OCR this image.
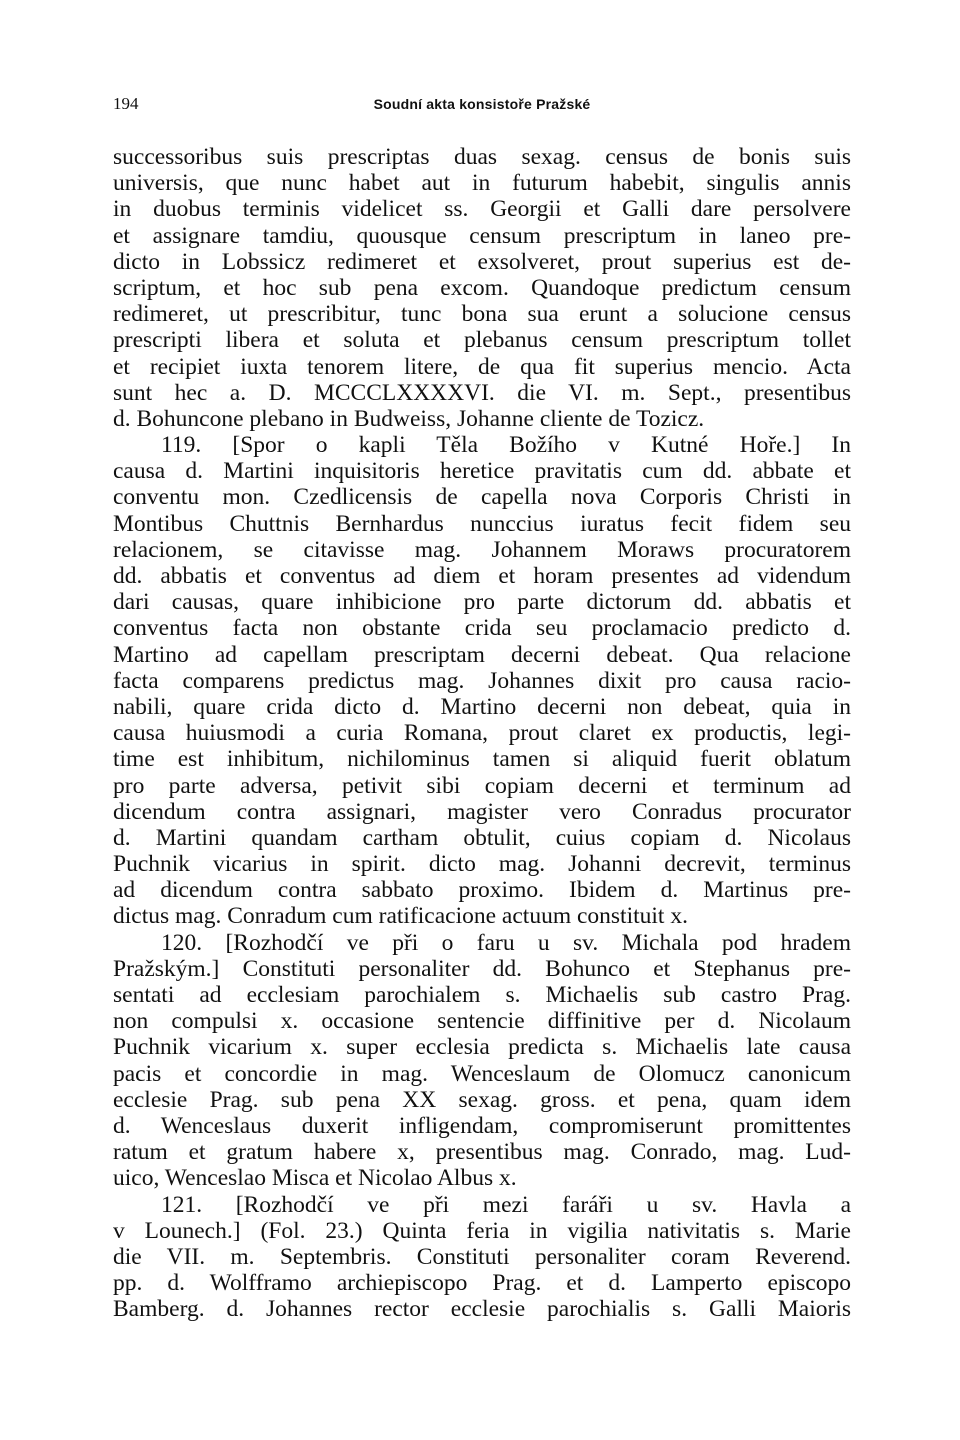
194	Soudní akta konsistoře Pražské
successoribus suis prescriptas duas sexag. census de bonis suis
universis, que nunc habet aut in futurum habebit, singulis annis
in duobus terminis videlicet ss. Georgii et Galli dare persolvere
et assignare tamdiu, quousque censum prescriptum in laneo pre-
dicto in Lobssicz redimeret et exsolveret, prout superius est de-
scriptum, et hoc sub pena excom. Quandoque predictum censum
redimeret, ut prescribitur, tunc bona sua erunt a solucione census
prescripti libera et soluta et plebanus censum prescriptum tollet
et recipiet iuxta tenorem litere, de qua fit superius mencio. Acta
sunt hec a. D. MCCCLXXXXVI. die VI. m. Sept., presentibus
d. Bohuncone plebano in Budweiss, Johanne cliente de Tozicz.
119. [Spor o kapli Těla Božího v Kutné Hoře.] In
causa d. Martini inquisitoris heretice pravitatis cum dd. abbate et
conventu mon. Czedlicensis de capella nova Corporis Christi in
Montibus Chuttnis Bernhardus nunccius iuratus fecit fidem seu
relacionem, se citavisse mag. Johannem Moraws procuratorem
dd. abbatis et conventus ad diem et horam presentes ad videndum
dari causas, quare inhibicione pro parte dictorum dd. abbatis et
conventus facta non obstante crida seu proclamacio predicto d.
Martino ad capellam prescriptam decerni debeat. Qua relacione
facta comparens predictus mag. Johannes dixit pro causa racio-
nabili, quare crida dicto d. Martino decerni non debeat, quia in
causa huiusmodi a curia Romana, prout claret ex productis, legi-
time est inhibitum, nichilominus tamen si aliquid fuerit oblatum
pro parte adversa, petivit sibi copiam decerni et terminum ad
dicendum contra assignari, magister vero Conradus procurator
d. Martini quandam cartham obtulit, cuius copiam d. Nicolaus
Puchnik vicarius in spirit. dicto mag. Johanni decrevit, terminus
ad dicendum contra sabbato proximo. Ibidem d. Martinus pre-
dictus mag. Conradum cum ratificacione actuum constituit x.
120. [Rozhodčí ve při o faru u sv. Michala pod hradem
Pražským.] Constituti personaliter dd. Bohunco et Stephanus pre-
sentati ad ecclesiam parochialem s. Michaelis sub castro Prag.
non compulsi x. occasione sentencie diffinitive per d. Nicolaum
Puchnik vicarium x. super ecclesia predicta s. Michaelis late causa
pacis et concordie in mag. Wenceslaum de Olomucz canonicum
ecclesie Prag. sub pena XX sexag. gross. et pena, quam idem
d. Wenceslaus duxerit infligendam, compromiserunt promittentes
ratum et gratum habere x, presentibus mag. Conrado, mag. Lud-
uico, Wenceslao Misca et Nicolao Albus x.
121. [Rozhodčí ve při mezi faráři u sv. Havla a
v Lounech.] (Fol. 23.) Quinta feria in vigilia nativitatis s. Marie
die VII. m. Septembris. Constituti personaliter coram Reverend.
pp. d. Wolfframo archiepiscopo Prag. et d. Lamperto episcopo
Bamberg. d. Johannes rector ecclesie parochialis s. Galli Maioris
